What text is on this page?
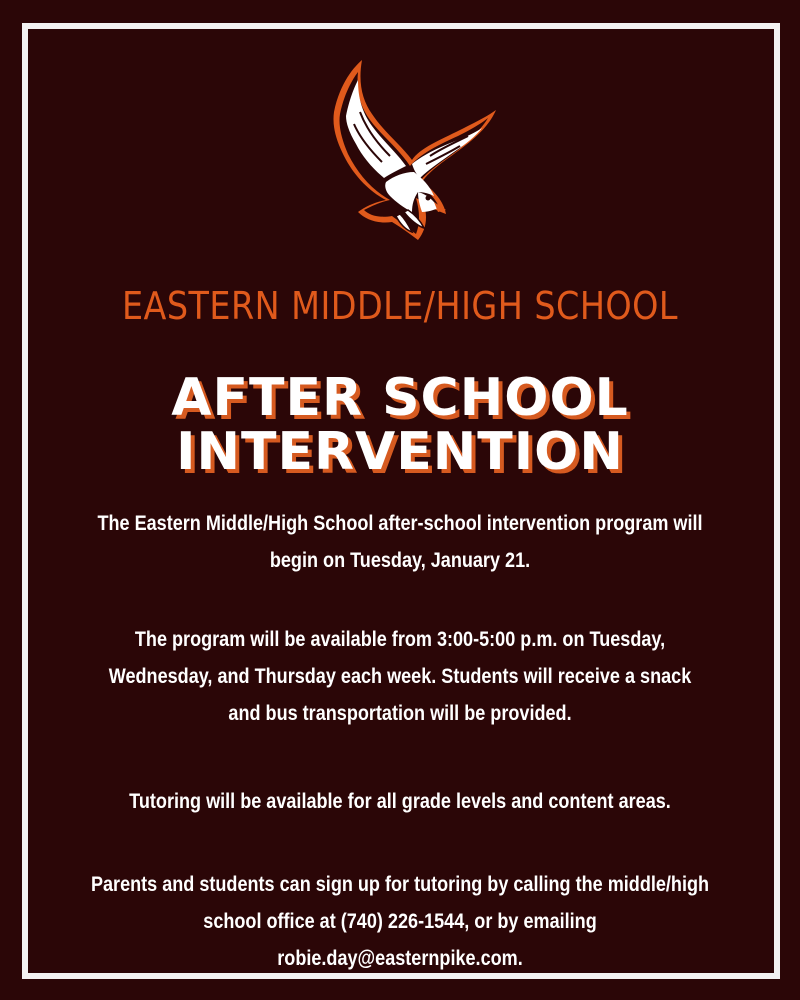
EASTERN MIDDLE/HIGH SCHOOL
AFTER SCHOOL
INTERVENTION
The Eastern Middle/High School after-school intervention program will begin on Tuesday, January 21.
The program will be available from 3:00-5:00 p.m. on Tuesday, Wednesday, and Thursday each week. Students will receive a snack and bus transportation will be provided.
Tutoring will be available for all grade levels and content areas.
Parents and students can sign up for tutoring by calling the middle/high school office at (740) 226-1544, or by emailing robie.day@easternpike.com.
